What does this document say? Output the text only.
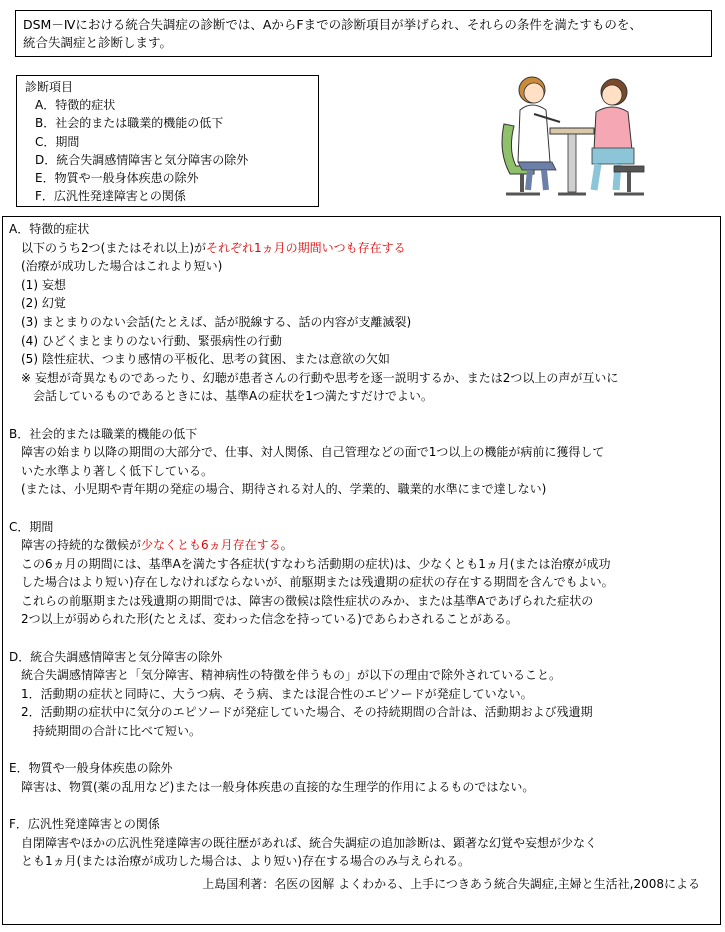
DSM－Ⅳにおける統合失調症の診断では、AからFまでの診断項目が挙げられ、それらの条件を満たすものを、
統合失調症と診断します。
診断項目
A．特徴的症状
B．社会的または職業的機能の低下
C．期間
D．統合失調感情障害と気分障害の除外
E．物質や一般身体疾患の除外
F．広汎性発達障害との関係
A．特徴的症状
以下のうち2つ(またはそれ以上)がそれぞれ1ヵ月の期間いつも存在する
(治療が成功した場合はこれより短い)
(1) 妄想
(2) 幻覚
(3) まとまりのない会話(たとえば、話が脱線する、話の内容が支離滅裂)
(4) ひどくまとまりのない行動、緊張病性の行動
(5) 陰性症状、つまり感情の平板化、思考の貧困、または意欲の欠如
※ 妄想が奇異なものであったり、幻聴が患者さんの行動や思考を逐一説明するか、または2つ以上の声が互いに
会話しているものであるときには、基準Aの症状を1つ満たすだけでよい。
B．社会的または職業的機能の低下
障害の始まり以降の期間の大部分で、仕事、対人関係、自己管理などの面で1つ以上の機能が病前に獲得して
いた水準より著しく低下している。
(または、小児期や青年期の発症の場合、期待される対人的、学業的、職業的水準にまで達しない)
C．期間
障害の持続的な徴候が少なくとも6ヵ月存在する。
この6ヵ月の期間には、基準Aを満たす各症状(すなわち活動期の症状)は、少なくとも1ヵ月(または治療が成功
した場合はより短い)存在しなければならないが、前駆期または残遺期の症状の存在する期間を含んでもよい。
これらの前駆期または残遺期の期間では、障害の徴候は陰性症状のみか、または基準Aであげられた症状の
2つ以上が弱められた形(たとえば、変わった信念を持っている)であらわされることがある。
D．統合失調感情障害と気分障害の除外
統合失調感情障害と「気分障害、精神病性の特徴を伴うもの」が以下の理由で除外されていること。
1．活動期の症状と同時に、大うつ病、そう病、または混合性のエピソードが発症していない。
2．活動期の症状中に気分のエピソードが発症していた場合、その持続期間の合計は、活動期および残遺期
持続期間の合計に比べて短い。
E．物質や一般身体疾患の除外
障害は、物質(薬の乱用など)または一般身体疾患の直接的な生理学的作用によるものではない。
F．広汎性発達障害との関係
自閉障害やほかの広汎性発達障害の既往歴があれば、統合失調症の追加診断は、顕著な幻覚や妄想が少なく
とも1ヵ月(または治療が成功した場合は、より短い)存在する場合のみ与えられる。
上島国利著：名医の図解 よくわかる、上手につきあう統合失調症,主婦と生活社,2008による
